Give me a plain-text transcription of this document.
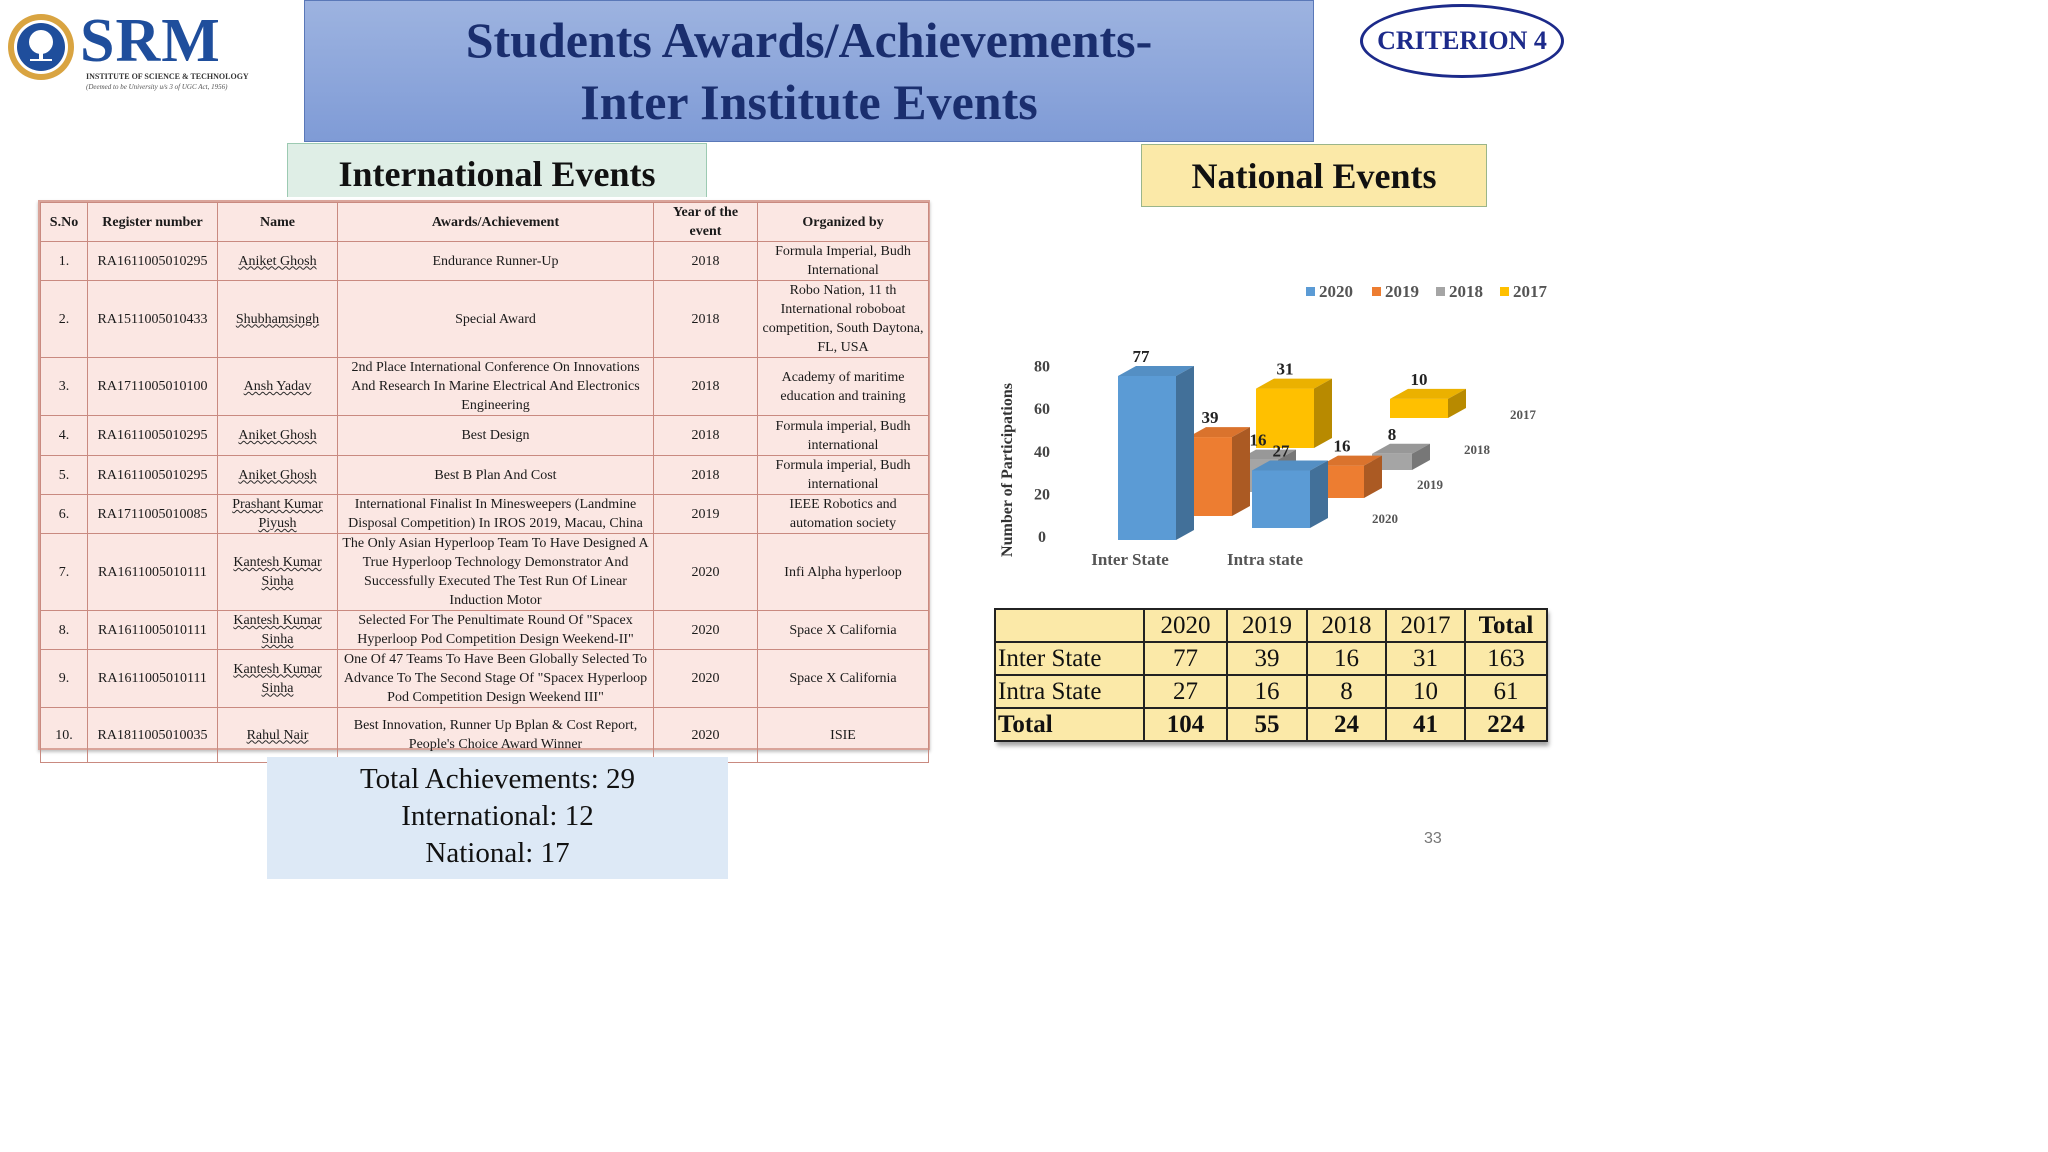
SRM
INSTITUTE OF SCIENCE & TECHNOLOGY
(Deemed to be University u/s 3 of UGC Act, 1956)
Students Awards/Achievements-
Inter Institute Events
CRITERION 4
International Events	National Events
S.No	Register number	Name	Awards/Achievement	Year of the event	Organized by
1.	RA1611005010295	Aniket Ghosh	Endurance Runner-Up	2018	Formula Imperial, Budh International
2.	RA1511005010433	Shubhamsingh	Special Award	2018	Robo Nation, 11 th International roboboat competition, South Daytona, FL, USA
3.	RA1711005010100	Ansh Yadav	2nd Place International Conference On Innovations And Research In Marine Electrical And Electronics Engineering	2018	Academy of maritime education and training
4.	RA1611005010295	Aniket Ghosh	Best Design	2018	Formula imperial, Budh international
5.	RA1611005010295	Aniket Ghosh	Best B Plan And Cost	2018	Formula imperial, Budh international
6.	RA1711005010085	Prashant Kumar Piyush	International Finalist In Minesweepers (Landmine Disposal Competition) In IROS 2019, Macau, China	2019	IEEE Robotics and automation society
7.	RA1611005010111	Kantesh Kumar Sinha	The Only Asian Hyperloop Team To Have Designed A True Hyperloop Technology Demonstrator And Successfully Executed The Test Run Of Linear Induction Motor	2020	Infi Alpha hyperloop
8.	RA1611005010111	Kantesh Kumar Sinha	Selected For The Penultimate Round Of "Spacex Hyperloop Pod Competition Design Weekend-II"	2020	Space X California
9.	RA1611005010111	Kantesh Kumar Sinha	One Of 47 Teams To Have Been Globally Selected To Advance To The Second Stage Of "Spacex Hyperloop Pod Competition Design Weekend III"	2020	Space X California
10.	RA1811005010035	Rahul Nair	Best Innovation, Runner Up Bplan & Cost Report, People's Choice Award Winner	2020	ISIE
Total Achievements: 29
International: 12
National: 17
0
20
40
60
80
Number of Participations
31
10
16	8
39
16
77
27
Inter State	Intra state
2020
2019
2018
2017
2020 2019 2018 2017
	2020	2019	2018	2017	Total
Inter State	77	39	16	31	163
Intra State	27	16	8	10	61
Total	104	55	24	41	224
33
